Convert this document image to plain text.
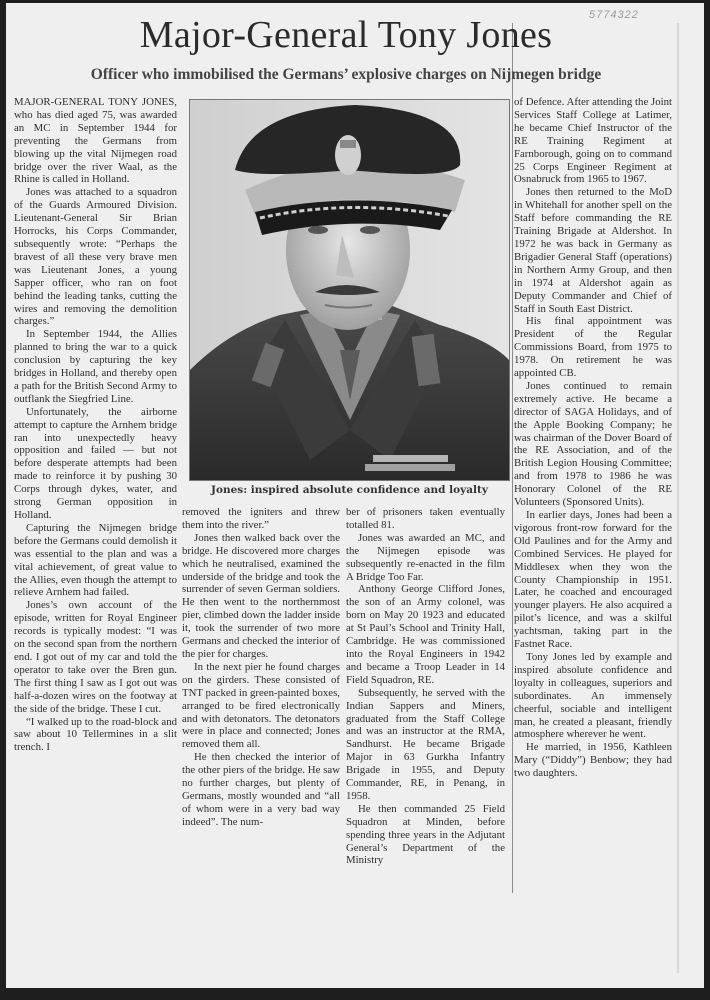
5774322
Major-General Tony Jones
Officer who immobilised the Germans’ explosive charges on Nijmegen bridge

MAJOR-GENERAL TONY JONES, who has died aged 75, was awarded an MC in September 1944 for preventing the Germans from blowing up the vital Nijmegen road bridge over the river Waal, as the Rhine is called in Holland.

Jones was attached to a squadron of the Guards Armoured Division. Lieutenant-General Sir Brian Horrocks, his Corps Commander, subsequently wrote: “Perhaps the bravest of all these very brave men was Lieutenant Jones, a young Sapper officer, who ran on foot behind the leading tanks, cutting the wires and removing the demolition charges.”

In September 1944, the Allies planned to bring the war to a quick conclusion by capturing the key bridges in Holland, and thereby open a path for the British Second Army to outflank the Siegfried Line.

Unfortunately, the airborne attempt to capture the Arnhem bridge ran into unexpectedly heavy opposition and failed — but not before desperate attempts had been made to reinforce it by pushing 30 Corps through dykes, water, and strong German opposition in Holland.

Capturing the Nijmegen bridge before the Germans could demolish it was essential to the plan and was a vital achievement, of great value to the Allies, even though the attempt to relieve Arnhem had failed.

Jones’s own account of the episode, written for Royal Engineer records is typically modest: “I was on the second span from the northern end. I got out of my car and told the operator to take over the Bren gun. The first thing I saw as I got out was half-a-dozen wires on the footway at the side of the bridge. These I cut.

“I walked up to the road-block and saw about 10 Tellermines in a slit trench. I

Jones: inspired absolute confidence and loyalty

removed the igniters and threw them into the river.”

Jones then walked back over the bridge. He discovered more charges which he neutralised, examined the underside of the bridge and took the surrender of seven German soldiers. He then went to the northernmost pier, climbed down the ladder inside it, took the surrender of two more Germans and checked the interior of the pier for charges.

In the next pier he found charges on the girders. These consisted of TNT packed in green-painted boxes, arranged to be fired electronically and with detonators. The detonators were in place and connected; Jones removed them all.

He then checked the interior of the other piers of the bridge. He saw no further charges, but plenty of Germans, mostly wounded and “all of whom were in a very bad way indeed”. The num-

ber of prisoners taken eventually totalled 81.

Jones was awarded an MC, and the Nijmegen episode was subsequently re-enacted in the film A Bridge Too Far.

Anthony George Clifford Jones, the son of an Army colonel, was born on May 20 1923 and educated at St Paul’s School and Trinity Hall, Cambridge. He was commissioned into the Royal Engineers in 1942 and became a Troop Leader in 14 Field Squadron, RE.

Subsequently, he served with the Indian Sappers and Miners, graduated from the Staff College and was an instructor at the RMA, Sandhurst. He became Brigade Major in 63 Gurkha Infantry Brigade in 1955, and Deputy Commander, RE, in Penang, in 1958.

He then commanded 25 Field Squadron at Minden, before spending three years in the Adjutant General’s Department of the Ministry

of Defence. After attending the Joint Services Staff College at Latimer, he became Chief Instructor of the RE Training Regiment at Farnborough, going on to command 25 Corps Engineer Regiment at Osnabruck from 1965 to 1967.

Jones then returned to the MoD in Whitehall for another spell on the Staff before commanding the RE Training Brigade at Aldershot. In 1972 he was back in Germany as Brigadier General Staff (operations) in Northern Army Group, and then in 1974 at Aldershot again as Deputy Commander and Chief of Staff in South East District.

His final appointment was President of the Regular Commissions Board, from 1975 to 1978. On retirement he was appointed CB.

Jones continued to remain extremely active. He became a director of SAGA Holidays, and of the Apple Booking Company; he was chairman of the Dover Board of the RE Association, and of the British Legion Housing Committee; and from 1978 to 1986 he was Honorary Colonel of the RE Volunteers (Sponsored Units).

In earlier days, Jones had been a vigorous front-row forward for the Old Paulines and for the Army and Combined Services. He played for Middlesex when they won the County Championship in 1951. Later, he coached and encouraged younger players. He also acquired a pilot’s licence, and was a skilful yachtsman, taking part in the Fastnet Race.

Tony Jones led by example and inspired absolute confidence and loyalty in colleagues, superiors and subordinates. An immensely cheerful, sociable and intelligent man, he created a pleasant, friendly atmosphere wherever he went.

He married, in 1956, Kathleen Mary (“Diddy”) Benbow; they had two daughters.
